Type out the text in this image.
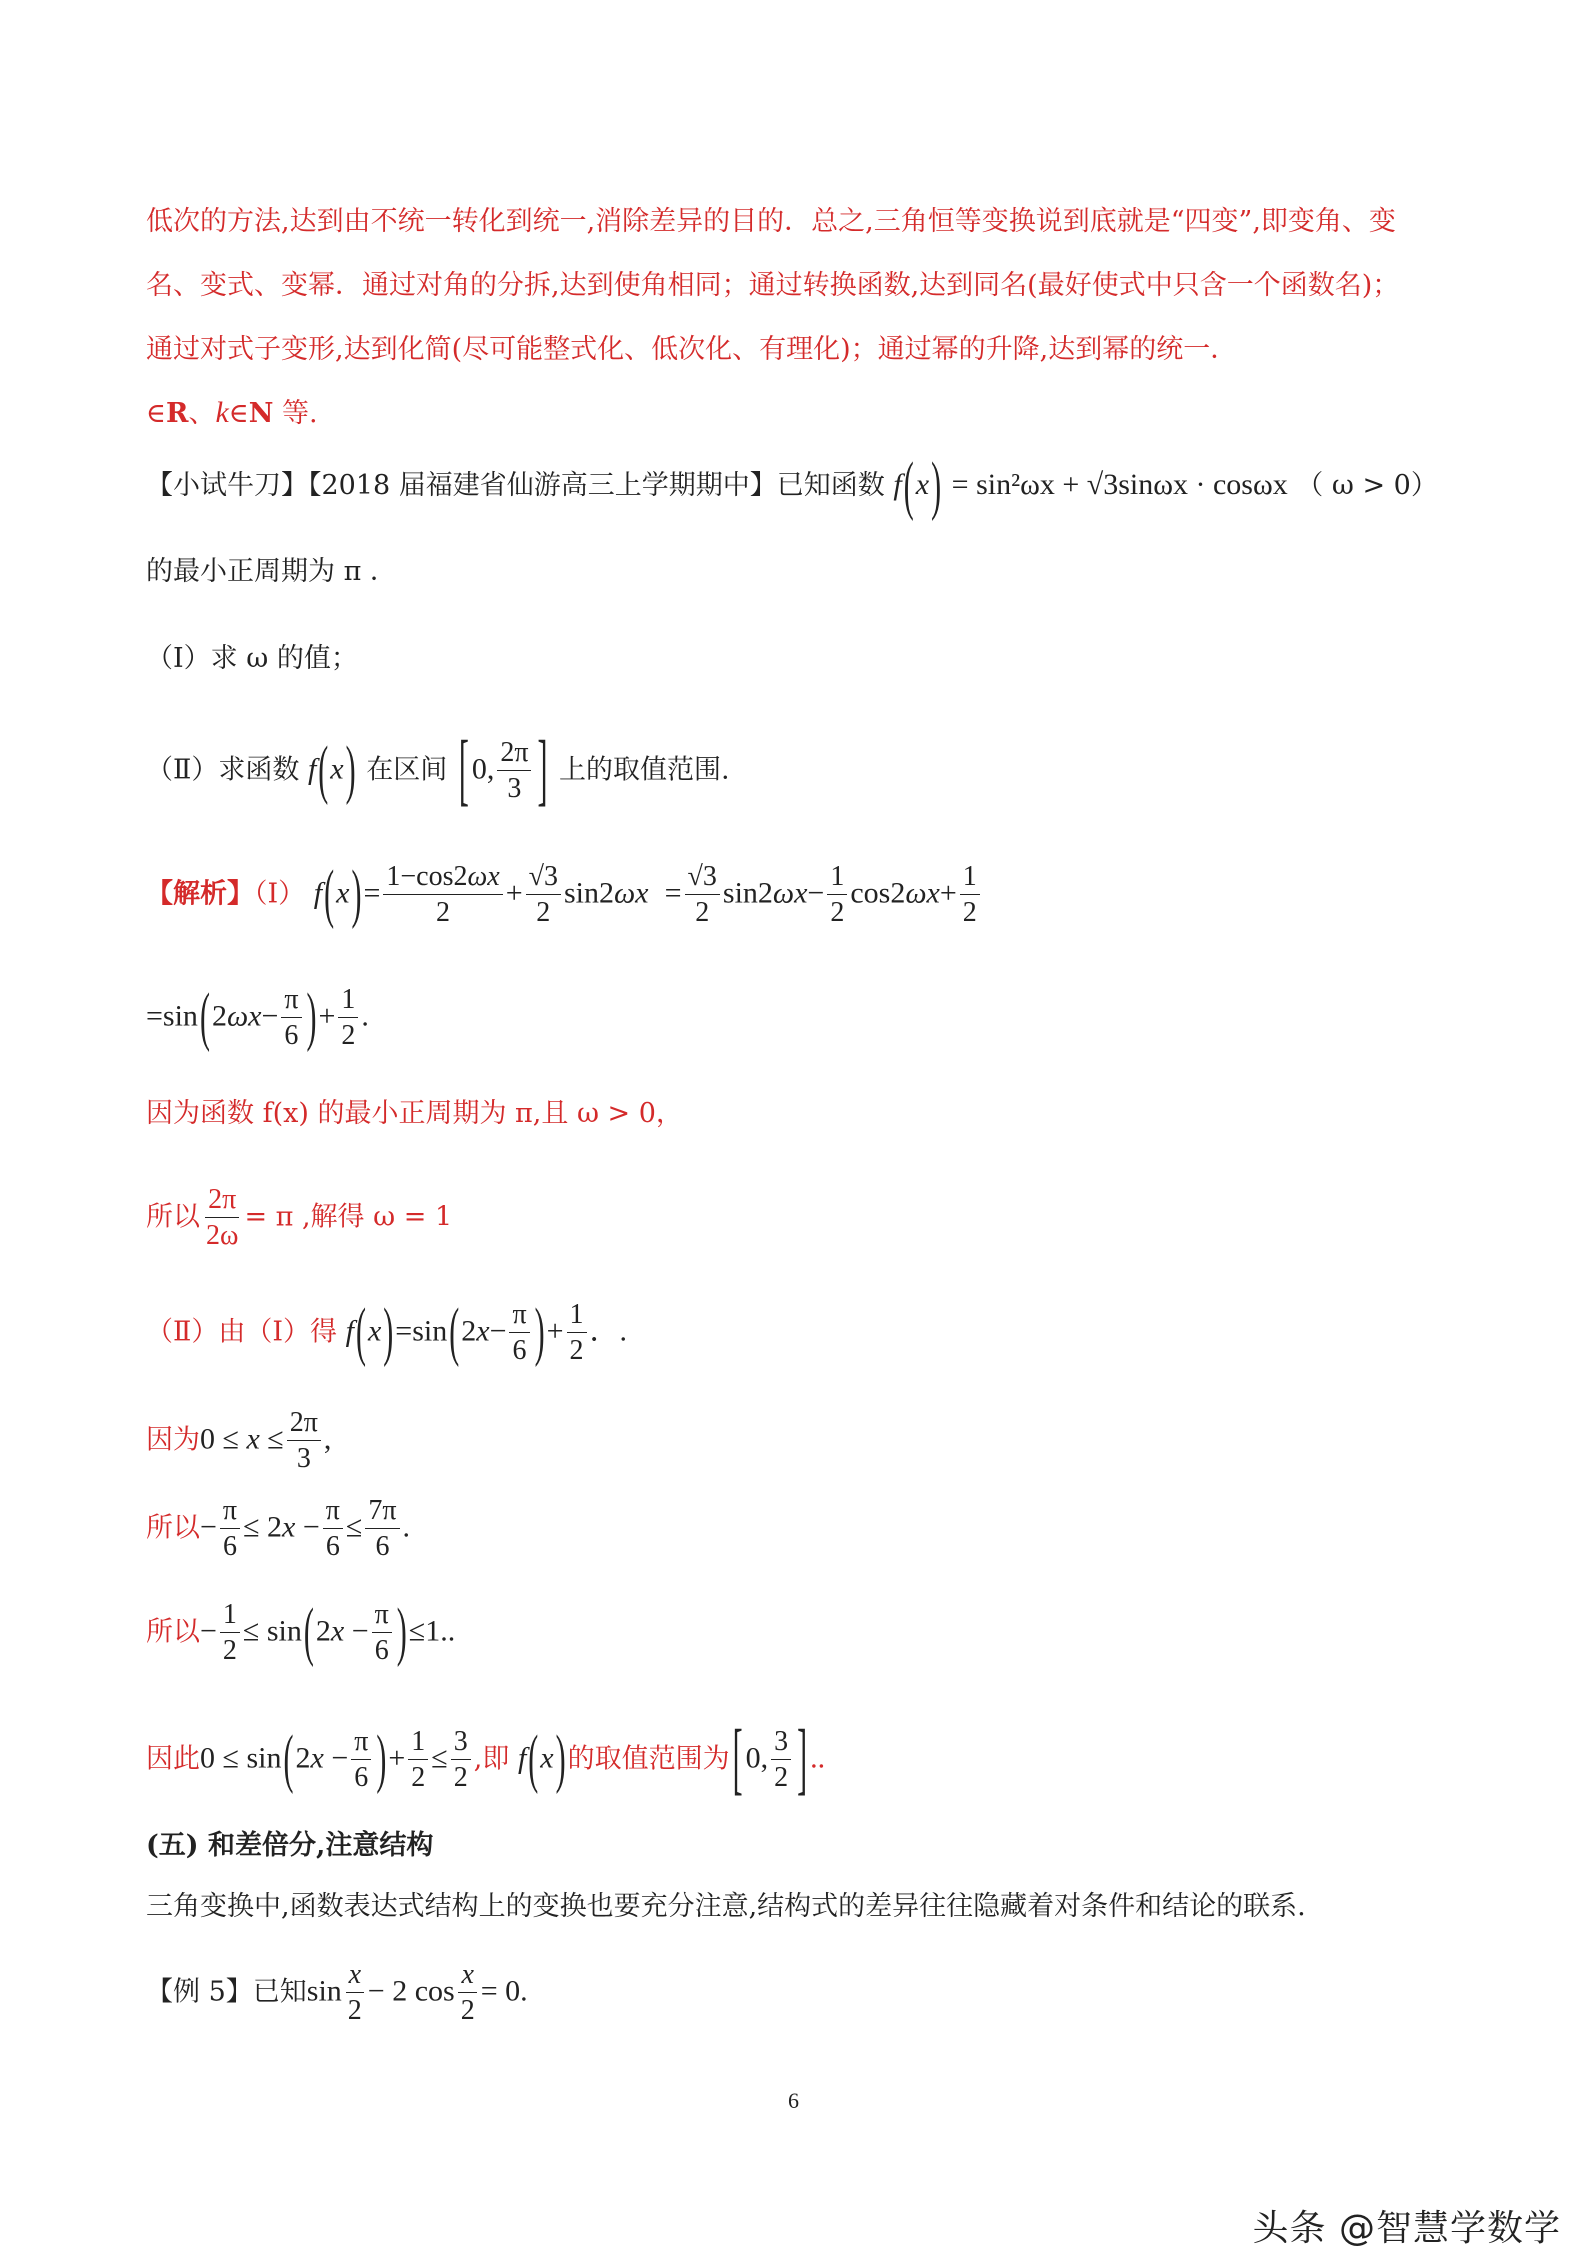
低次的方法,达到由不统一转化到统一,消除差异的目的．总之,三角恒等变换说到底就是“四变”,即变角、变
名、变式、变幂．通过对角的分拆,达到使角相同；通过转换函数,达到同名(最好使式中只含一个函数名)；
通过对式子变形,达到化简(尽可能整式化、低次化、有理化)；通过幂的升降,达到幂的统一．
∈R、k∈N 等.
【小试牛刀】【2018 届福建省仙游高三上学期期中】已知函数 f(x) = sin²ωx + √3sinωx · cosωx （ ω > 0）
的最小正周期为 π ．
（Ⅰ）求 ω 的值；
（Ⅱ）求函数 f(x) 在区间 [ 0, $\frac{2\pi}{3}$ ] 上的取值范围.
【解析】（Ⅰ） $f(x)= \frac{1-\cos 2\omega x}{2} + \frac{√3}{2} \sin 2\omega x = \frac{√3}{2} \sin 2\omega x- \frac{1}{2} \cos 2\omega x+ \frac{1}{2}$
$=\sin(2\omega x- \frac{\pi}{6}$ )+ $\frac{1}{2}$ .
因为函数 f(x) 的最小正周期为 π,且 ω > 0，
所以 $\frac{2\pi}{2\omega} = \pi$ ,解得 ω = 1
（Ⅱ）由（Ⅰ）得 $f(x)=\sin(2x- \frac{\pi}{6}$ )+ $\frac{1}{2}$ ．.
因为$0 \le x \le \frac{2\pi}{3}$ ,
所以− $\frac{\pi}{6} \le 2x - \frac{\pi}{6} \le \frac{7\pi}{6}$ .
所以− $\frac{1}{2} \le \sin(2x - \frac{\pi}{6} )\le 1$..
因此$0 \le \sin(2x - \frac{\pi}{6}$ )+ $\frac{1}{2} \le \frac{3}{2}$ ,即 f(x)的取值范围为 [ 0, $\frac{3}{2}$ ] ..
(五) 和差倍分,注意结构
三角变换中,函数表达式结构上的变换也要充分注意,结构式的差异往往隐藏着对条件和结论的联系.
【例 5】已知$\sin \frac{x}{2} - 2$ $\cos \frac{x}{2} = 0$.
6
头条 @智慧学数学
